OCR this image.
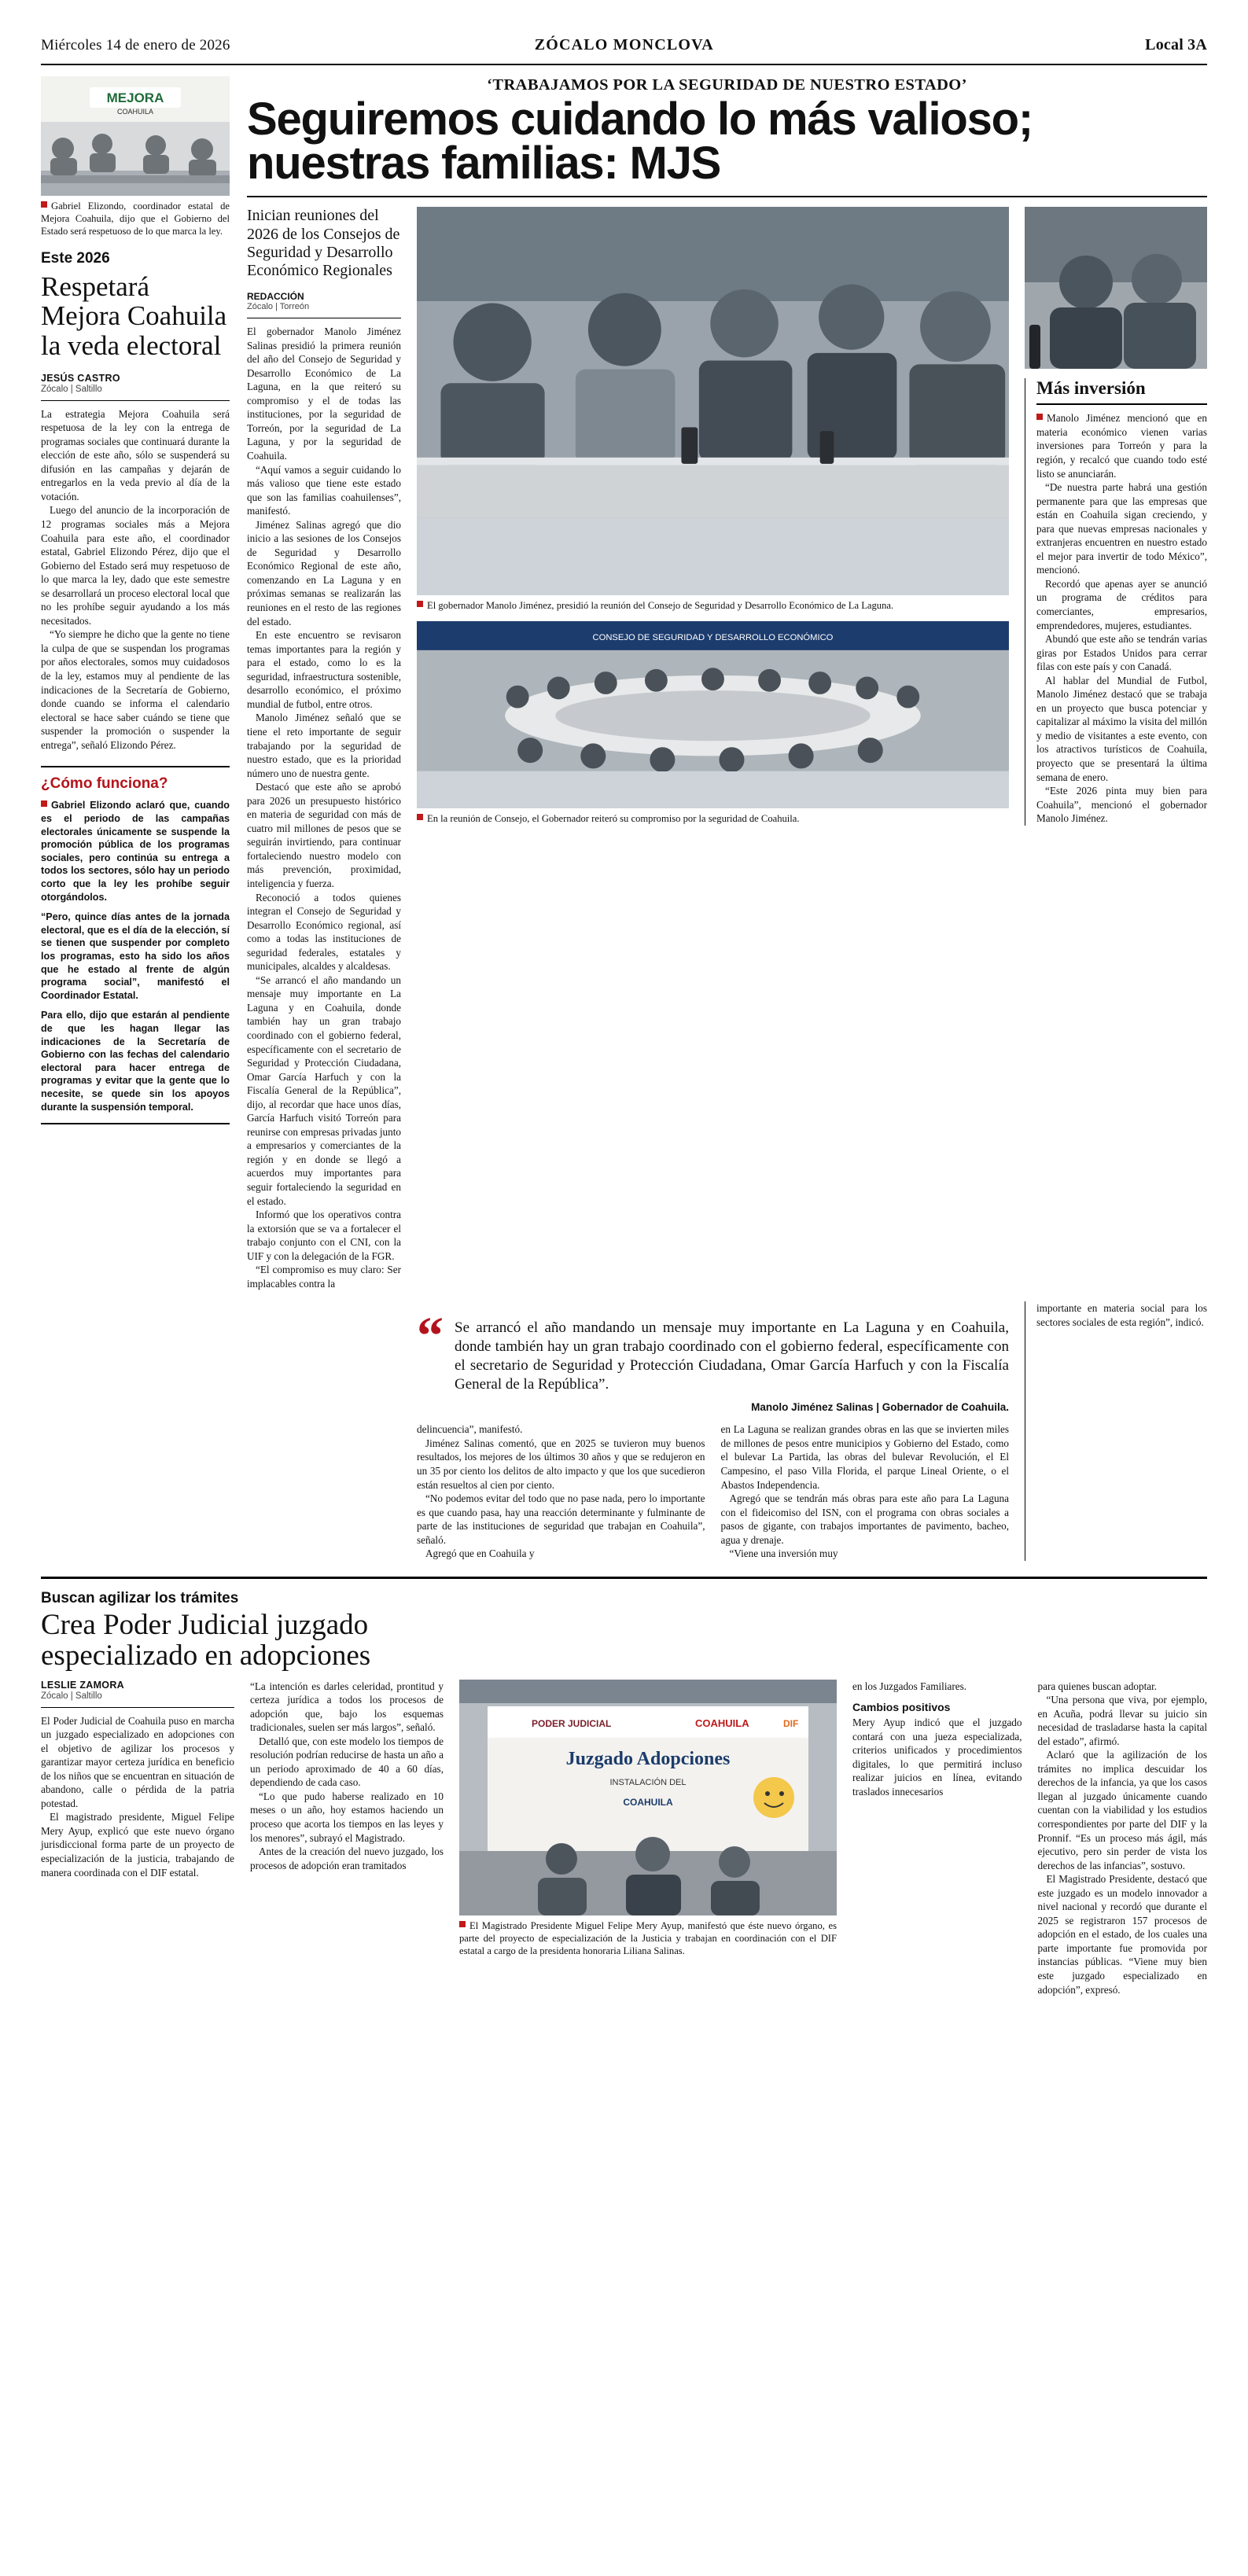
Miércoles 14 de enero de 2026	ZÓCALO MONCLOVA	Local 3A
MEJORA
COAHUILA
Gabriel Elizondo, coordinador estatal de Mejora Coahuila, dijo que el Gobierno del Estado será respetuoso de lo que marca la ley.
Este 2026
Respetará Mejora Coahuila la veda electoral
JESÚS CASTRO
Zócalo | Saltillo

La estrategia Mejora Coahuila será respetuosa de la ley con la entrega de programas sociales que continuará durante la elección de este año, sólo se suspenderá su difusión en las campañas y dejarán de entregarlos en la veda previo al día de la votación.

Luego del anuncio de la incorporación de 12 programas sociales más a Mejora Coahuila para este año, el coordinador estatal, Gabriel Elizondo Pérez, dijo que el Gobierno del Estado será muy respetuoso de lo que marca la ley, dado que este semestre se desarrollará un proceso electoral local que no les prohíbe seguir ayudando a los más necesitados.

“Yo siempre he dicho que la gente no tiene la culpa de que se suspendan los programas por años electorales, somos muy cuidadosos de la ley, estamos muy al pendiente de las indicaciones de la Secretaría de Gobierno, donde cuando se informa el calendario electoral se hace saber cuándo se tiene que suspender la promoción o suspender la entrega”, señaló Elizondo Pérez.

¿Cómo funciona?

Gabriel Elizondo aclaró que, cuando es el periodo de las campañas electorales únicamente se suspende la promoción pública de los programas sociales, pero continúa su entrega a todos los sectores, sólo hay un periodo corto que la ley les prohíbe seguir otorgándolos.

“Pero, quince días antes de la jornada electoral, que es el día de la elección, sí se tienen que suspender por completo los programas, esto ha sido los años que he estado al frente de algún programa social”, manifestó el Coordinador Estatal.

Para ello, dijo que estarán al pendiente de que les hagan llegar las indicaciones de la Secretaría de Gobierno con las fechas del calendario electoral para hacer entrega de programas y evitar que la gente que lo necesite, se quede sin los apoyos durante la suspensión temporal.

‘TRABAJAMOS POR LA SEGURIDAD DE NUESTRO ESTADO’
Seguiremos cuidando lo más valioso; nuestras familias: MJS
Inician reuniones del 2026 de los Consejos de Seguridad y Desarrollo Económico Regionales
REDACCIÓN
Zócalo | Torreón

El gobernador Manolo Jiménez Salinas presidió la primera reunión del año del Consejo de Seguridad y Desarrollo Económico de La Laguna, en la que reiteró su compromiso y el de todas las instituciones, por la seguridad de Torreón, por la seguridad de La Laguna, y por la seguridad de Coahuila.

“Aquí vamos a seguir cuidando lo más valioso que tiene este estado que son las familias coahuilenses”, manifestó.

Jiménez Salinas agregó que dio inicio a las sesiones de los Consejos de Seguridad y Desarrollo Económico Regional de este año, comenzando en La Laguna y en próximas semanas se realizarán las reuniones en el resto de las regiones del estado.

En este encuentro se revisaron temas importantes para la región y para el estado, como lo es la seguridad, infraestructura sostenible, desarrollo económico, el próximo mundial de futbol, entre otros.

Manolo Jiménez señaló que se tiene el reto importante de seguir trabajando por la seguridad de nuestro estado, que es la prioridad número uno de nuestra gente.

Destacó que este año se aprobó para 2026 un presupuesto histórico en materia de seguridad con más de cuatro mil millones de pesos que se seguirán invirtiendo, para continuar fortaleciendo nuestro modelo con más prevención, proximidad, inteligencia y fuerza.

Reconoció a todos quienes integran el Consejo de Seguridad y Desarrollo Económico regional, así como a todas las instituciones de seguridad federales, estatales y municipales, alcaldes y alcaldesas.

“Se arrancó el año mandando un mensaje muy importante en La Laguna y en Coahuila, donde también hay un gran trabajo coordinado con el gobierno federal, específicamente con el secretario de Seguridad y Protección Ciudadana, Omar García Harfuch y con la Fiscalía General de la República”, dijo, al recordar que hace unos días, García Harfuch visitó Torreón para reunirse con empresas privadas junto a empresarios y comerciantes de la región y en donde se llegó a acuerdos muy importantes para seguir fortaleciendo la seguridad en el estado.

Informó que los operativos contra la extorsión que se va a fortalecer el trabajo conjunto con el CNI, con la UIF y con la delegación de la FGR.

“El compromiso es muy claro: Ser implacables contra la

El gobernador Manolo Jiménez, presidió la reunión del Consejo de Seguridad y Desarrollo Económico de La Laguna.
CONSEJO DE SEGURIDAD Y DESARROLLO ECONÓMICO
En la reunión de Consejo, el Gobernador reiteró su compromiso por la seguridad de Coahuila.
Más inversión

Manolo Jiménez mencionó que en materia económico vienen varias inversiones para Torreón y para la región, y recalcó que cuando todo esté listo se anunciarán.

“De nuestra parte habrá una gestión permanente para que las empresas que están en Coahuila sigan creciendo, y para que nuevas empresas nacionales y extranjeras encuentren en nuestro estado el mejor para invertir de todo México”, mencionó.

Recordó que apenas ayer se anunció un programa de créditos para comerciantes, empresarios, emprendedores, mujeres, estudiantes.

Abundó que este año se tendrán varias giras por Estados Unidos para cerrar filas con este país y con Canadá.

Al hablar del Mundial de Futbol, Manolo Jiménez destacó que se trabaja en un proyecto que busca potenciar y capitalizar al máximo la visita del millón y medio de visitantes a este evento, con los atractivos turísticos de Coahuila, proyecto que se presentará la última semana de enero.

“Este 2026 pinta muy bien para Coahuila”, mencionó el gobernador Manolo Jiménez.

“ Se arrancó el año mandando un mensaje muy importante en La Laguna y en Coahuila, donde también hay un gran trabajo coordinado con el gobierno federal, específicamente con el secretario de Seguridad y Protección Ciudadana, Omar García Harfuch y con la Fiscalía General de la República”.
Manolo Jiménez Salinas | Gobernador de Coahuila.

delincuencia”, manifestó.

Jiménez Salinas comentó, que en 2025 se tuvieron muy buenos resultados, los mejores de los últimos 30 años y que se redujeron en un 35 por ciento los delitos de alto impacto y que los que sucedieron están resueltos al cien por ciento.

“No podemos evitar del todo que no pase nada, pero lo importante es que cuando pasa, hay una reacción determinante y fulminante de parte de las instituciones de seguridad que trabajan en Coahuila”, señaló.

Agregó que en Coahuila y

en La Laguna se realizan grandes obras en las que se invierten miles de millones de pesos entre municipios y Gobierno del Estado, como el bulevar La Partida, las obras del bulevar Revolución, el El Campesino, el paso Villa Florida, el parque Lineal Oriente, o el Abastos Independencia.

Agregó que se tendrán más obras para este año para La Laguna con el fideicomiso del ISN, con el programa con obras sociales a pasos de gigante, con trabajos importantes de pavimento, bacheo, agua y drenaje.

“Viene una inversión muy

importante en materia social para los sectores sociales de esta región”, indicó.

Buscan agilizar los trámites
Crea Poder Judicial juzgado especializado en adopciones
LESLIE ZAMORA
Zócalo | Saltillo

El Poder Judicial de Coahuila puso en marcha un juzgado especializado en adopciones con el objetivo de agilizar los procesos y garantizar mayor certeza jurídica en beneficio de los niños que se encuentran en situación de abandono, calle o pérdida de la patria potestad.

El magistrado presidente, Miguel Felipe Mery Ayup, explicó que este nuevo órgano jurisdiccional forma parte de un proyecto de especialización de la justicia, trabajando de manera coordinada con el DIF estatal.

“La intención es darles celeridad, prontitud y certeza jurídica a todos los procesos de adopción que, bajo los esquemas tradicionales, suelen ser más largos”, señaló.

Detalló que, con este modelo los tiempos de resolución podrían reducirse de hasta un año a un periodo aproximado de 40 a 60 días, dependiendo de cada caso.

“Lo que pudo haberse realizado en 10 meses o un año, hoy estamos haciendo un proceso que acorta los tiempos en las leyes y los menores”, subrayó el Magistrado.

Antes de la creación del nuevo juzgado, los procesos de adopción eran tramitados

PODER JUDICIAL	COAHUILA	DIF
Juzgado Adopciones
INSTALACIÓN DEL
COAHUILA
El Magistrado Presidente Miguel Felipe Mery Ayup, manifestó que éste nuevo órgano, es parte del proyecto de especialización de la Justicia y trabajan en coordinación con el DIF estatal a cargo de la presidenta honoraria Liliana Salinas.

en los Juzgados Familiares.

Cambios positivos

Mery Ayup indicó que el juzgado contará con una jueza especializada, criterios unificados y procedimientos digitales, lo que permitirá incluso realizar juicios en línea, evitando traslados innecesarios

para quienes buscan adoptar.

“Una persona que viva, por ejemplo, en Acuña, podrá llevar su juicio sin necesidad de trasladarse hasta la capital del estado”, afirmó.

Aclaró que la agilización de los trámites no implica descuidar los derechos de la infancia, ya que los casos llegan al juzgado únicamente cuando cuentan con la viabilidad y los estudios correspondientes por parte del DIF y la Pronnif. “Es un proceso más ágil, más ejecutivo, pero sin perder de vista los derechos de las infancias”, sostuvo.

El Magistrado Presidente, destacó que este juzgado es un modelo innovador a nivel nacional y recordó que durante el 2025 se registraron 157 procesos de adopción en el estado, de los cuales una parte importante fue promovida por instancias públicas. “Viene muy bien este juzgado especializado en adopción”, expresó.
